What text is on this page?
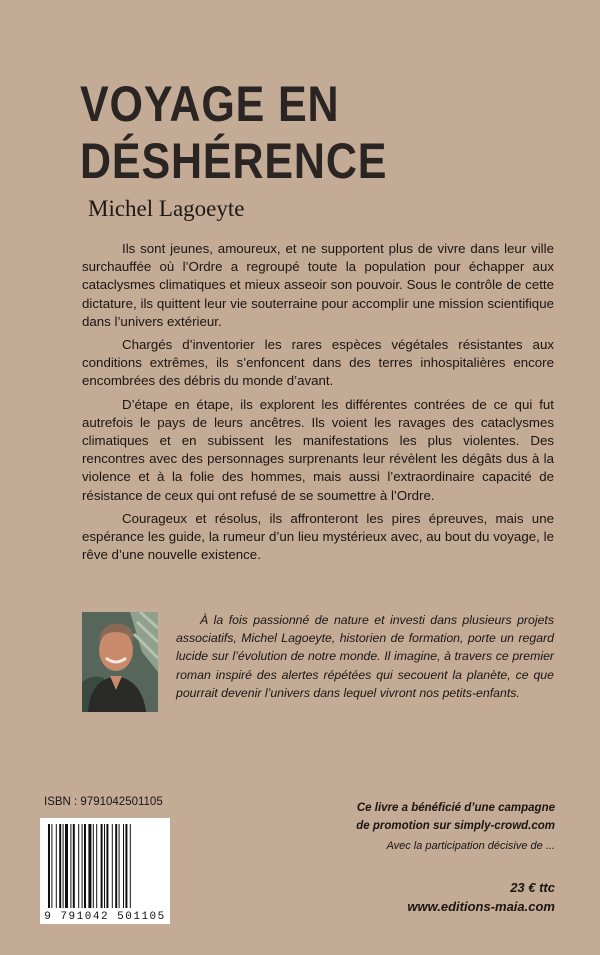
VOYAGE EN
DÉSHÉRENCE
Michel Lagoeyte

Ils sont jeunes, amoureux, et ne supportent plus de vivre dans leur ville surchauffée où l’Ordre a regroupé toute la population pour échapper aux cataclysmes climatiques et mieux asseoir son pouvoir. Sous le contrôle de cette dictature, ils quittent leur vie souterraine pour accomplir une mission scientifique dans l’univers extérieur.

Chargés d’inventorier les rares espèces végétales résistantes aux conditions extrêmes, ils s’enfoncent dans des terres inhospitalières encore encombrées des débris du monde d’avant.

D’étape en étape, ils explorent les différentes contrées de ce qui fut autrefois le pays de leurs ancêtres. Ils voient les ravages des cataclysmes climatiques et en subissent les manifestations les plus violentes. Des rencontres avec des personnages surprenants leur révèlent les dégâts dus à la violence et à la folie des hommes, mais aussi l’extraordinaire capacité de résistance de ceux qui ont refusé de se soumettre à l’Ordre.

Courageux et résolus, ils affronteront les pires épreuves, mais une espérance les guide, la rumeur d’un lieu mystérieux avec, au bout du voyage, le rêve d’une nouvelle existence.

À la fois passionné de nature et investi dans plusieurs projets associatifs, Michel Lagoeyte, historien de formation, porte un regard lucide sur l’évolution de notre monde. Il imagine, à travers ce premier roman inspiré des alertes répétées qui secouent la planète, ce que pourrait devenir l’univers dans lequel vivront nos petits-enfants.

ISBN : 9791042501105
9 791042 501105
Ce livre a bénéficié d’une campagne
de promotion sur simply-crowd.com
Avec la participation décisive de ...
23 € ttc
www.editions-maia.com
